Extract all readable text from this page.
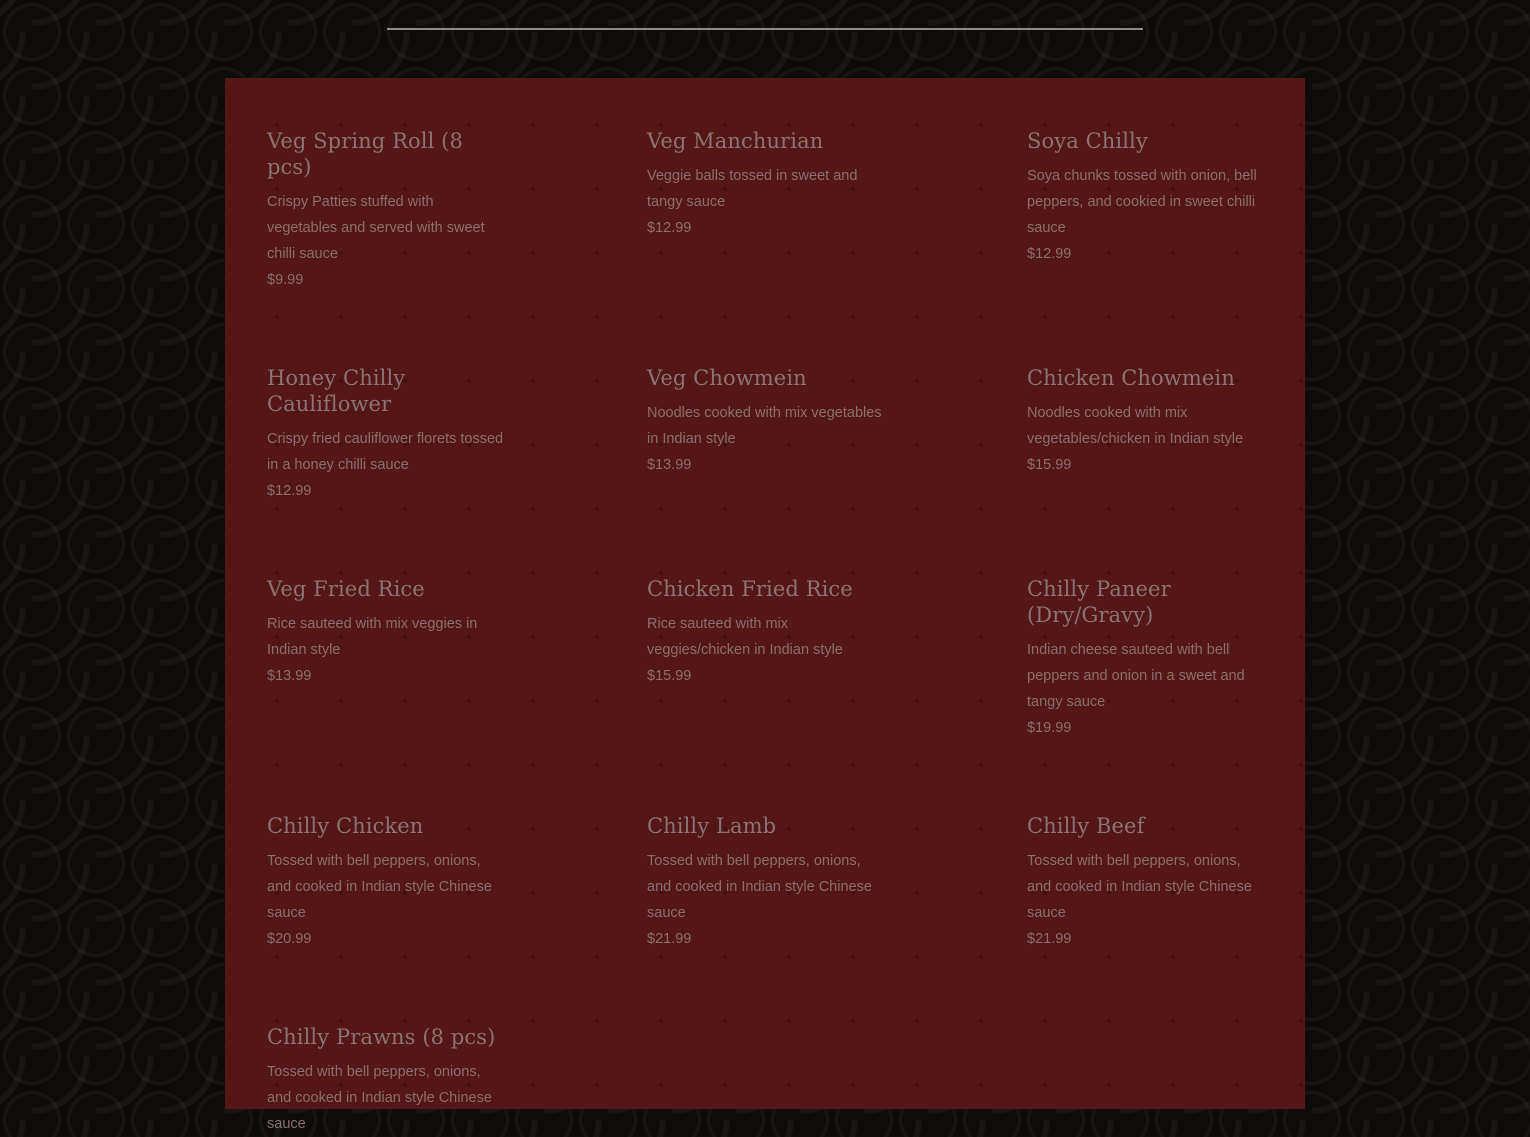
Veg Spring Roll (8 pcs)

Crispy Patties stuffed with vegetables and served with sweet chilli sauce

$9.99

Veg Manchurian

Veggie balls tossed in sweet and tangy sauce

$12.99

Soya Chilly

Soya chunks tossed with onion, bell peppers, and cookied in sweet chilli sauce

$12.99

Honey Chilly Cauliflower

Crispy fried cauliflower florets tossed in a honey chilli sauce

$12.99

Veg Chowmein

Noodles cooked with mix vegetables in Indian style

$13.99

Chicken Chowmein

Noodles cooked with mix vegetables/chicken in Indian style

$15.99

Veg Fried Rice

Rice sauteed with mix veggies in Indian style

$13.99

Chicken Fried Rice

Rice sauteed with mix veggies/chicken in Indian style

$15.99

Chilly Paneer (Dry/Gravy)

Indian cheese sauteed with bell peppers and onion in a sweet and tangy sauce

$19.99

Chilly Chicken

Tossed with bell peppers, onions, and cooked in Indian style Chinese sauce

$20.99

Chilly Lamb

Tossed with bell peppers, onions, and cooked in Indian style Chinese sauce

$21.99

Chilly Beef

Tossed with bell peppers, onions, and cooked in Indian style Chinese sauce

$21.99

Chilly Prawns (8 pcs)

Tossed with bell peppers, onions, and cooked in Indian style Chinese sauce
